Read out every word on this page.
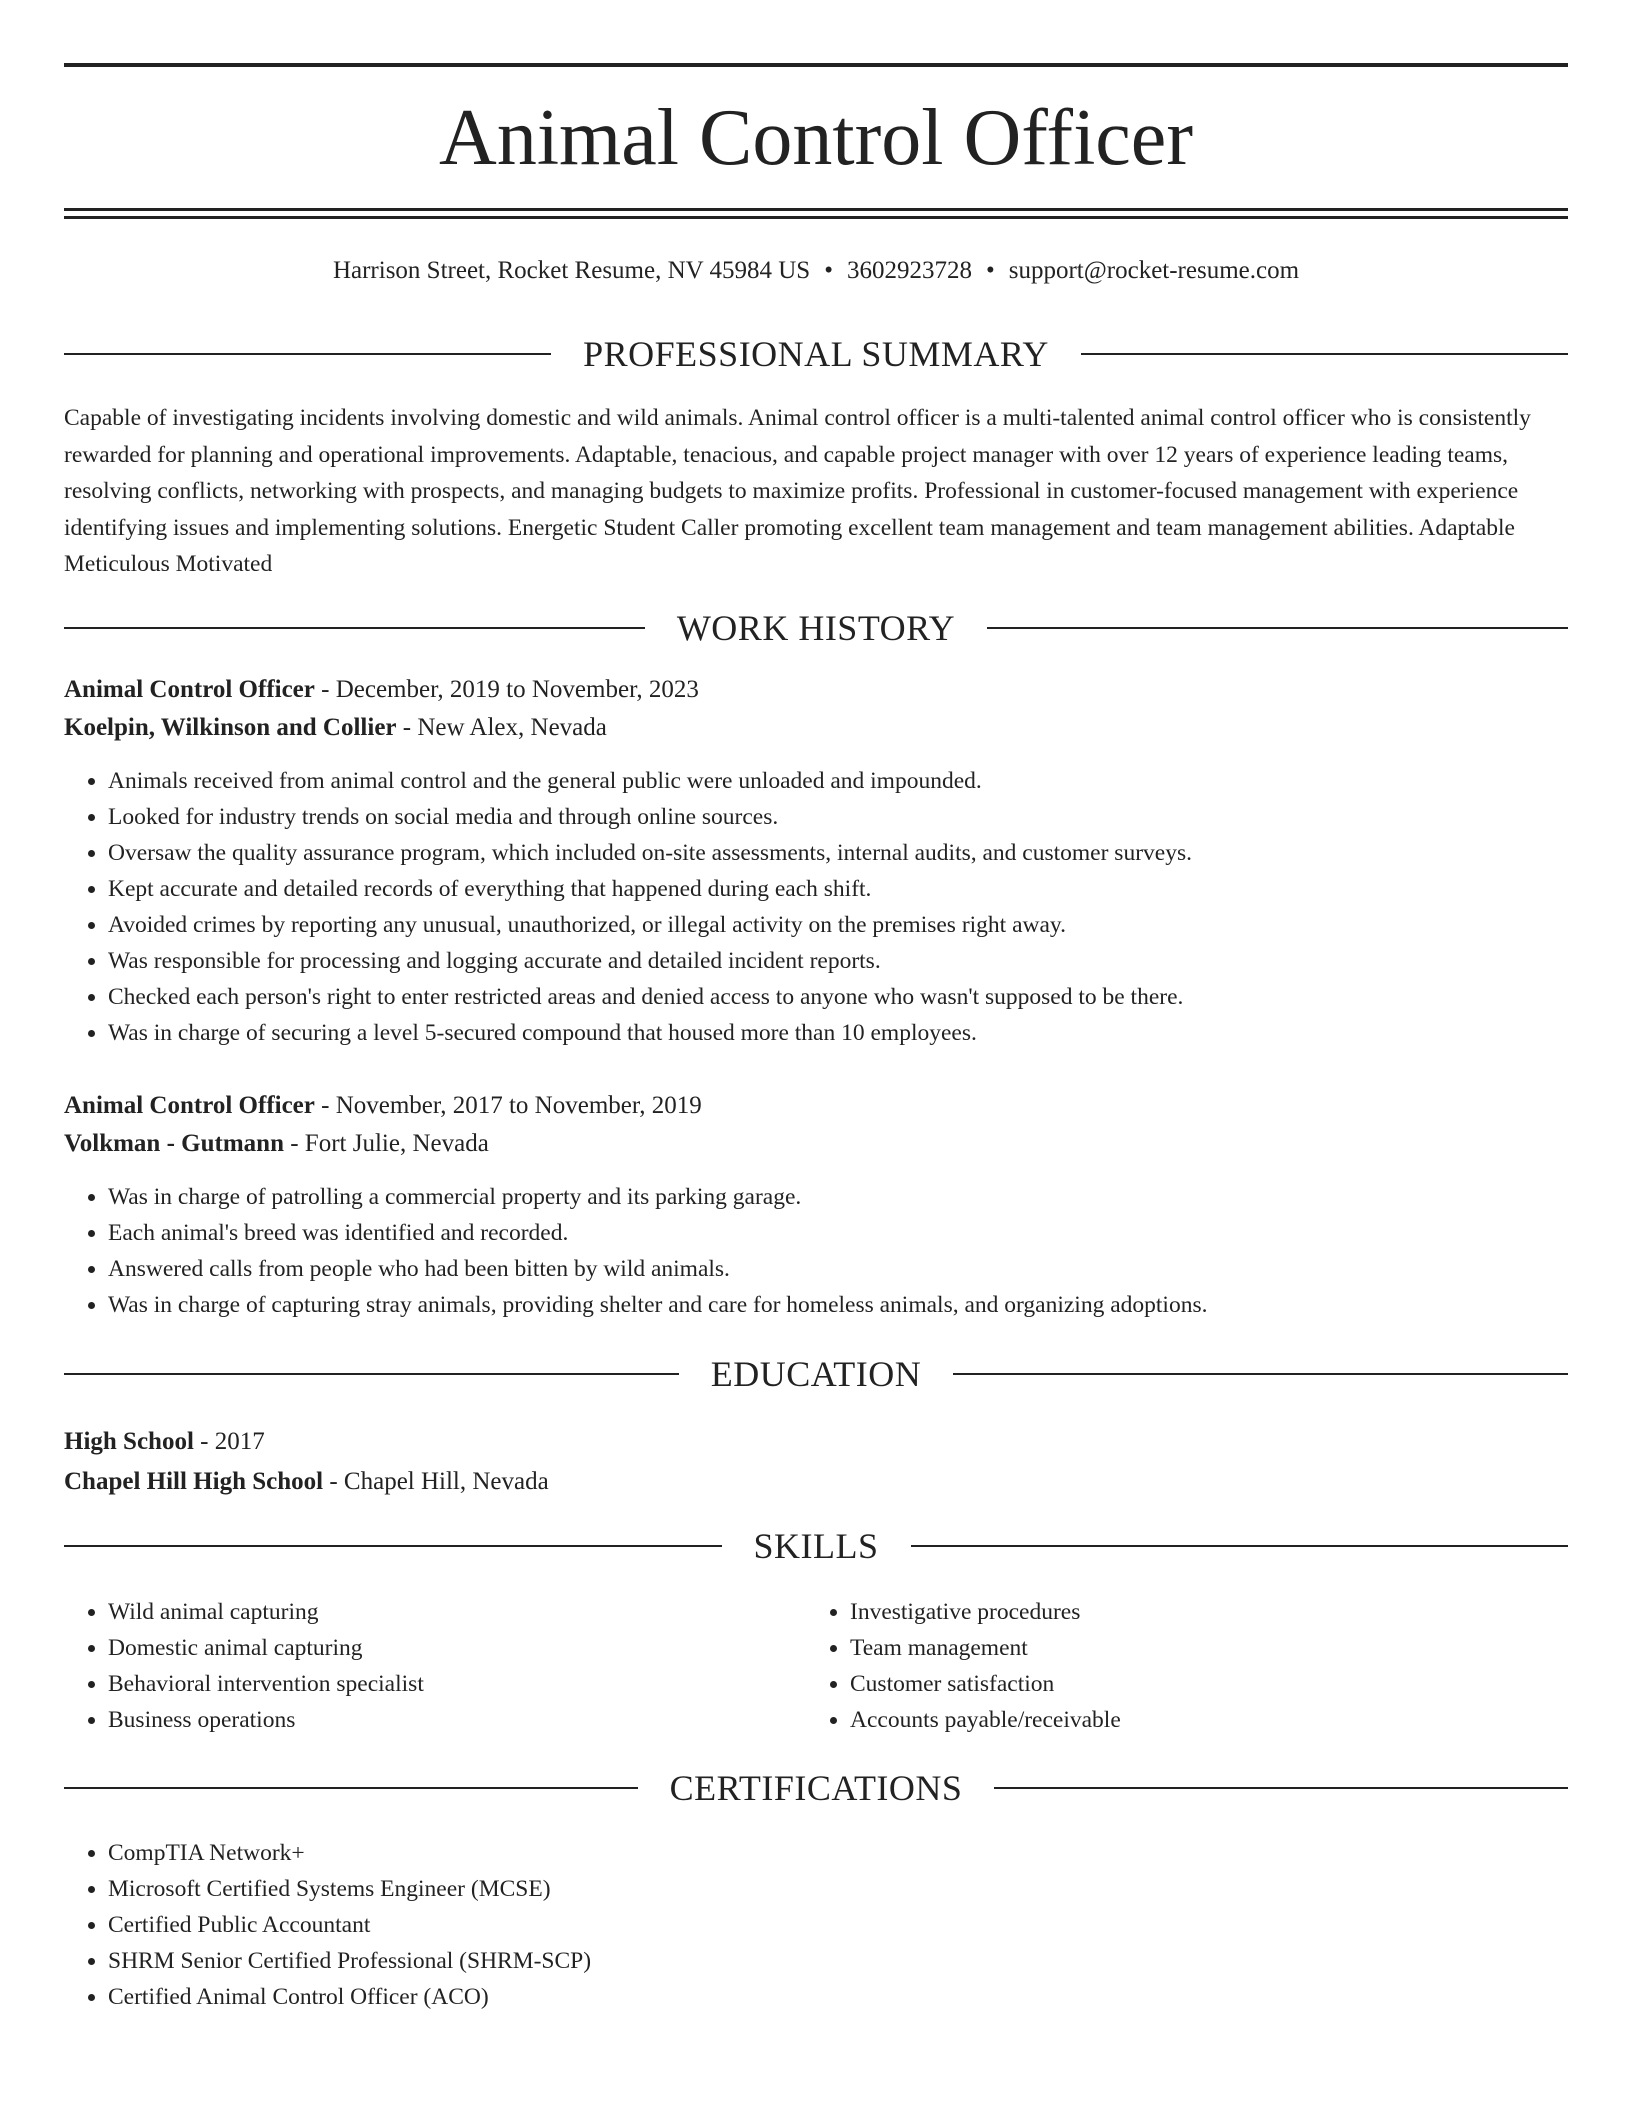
Animal Control Officer
Harrison Street, Rocket Resume, NV 45984 US • 3602923728 • support@rocket-resume.com
PROFESSIONAL SUMMARY

Capable of investigating incidents involving domestic and wild animals. Animal control officer is a multi-talented animal control officer who is consistently rewarded for planning and operational improvements. Adaptable, tenacious, and capable project manager with over 12 years of experience leading teams, resolving conflicts, networking with prospects, and managing budgets to maximize profits. Professional in customer-focused management with experience identifying issues and implementing solutions. Energetic Student Caller promoting excellent team management and team management abilities. Adaptable Meticulous Motivated

WORK HISTORY
Animal Control Officer - December, 2019 to November, 2023
Koelpin, Wilkinson and Collier - New Alex, Nevada
• Animals received from animal control and the general public were unloaded and impounded.
• Looked for industry trends on social media and through online sources.
• Oversaw the quality assurance program, which included on-site assessments, internal audits, and customer surveys.
• Kept accurate and detailed records of everything that happened during each shift.
• Avoided crimes by reporting any unusual, unauthorized, or illegal activity on the premises right away.
• Was responsible for processing and logging accurate and detailed incident reports.
• Checked each person's right to enter restricted areas and denied access to anyone who wasn't supposed to be there.
• Was in charge of securing a level 5-secured compound that housed more than 10 employees.
Animal Control Officer - November, 2017 to November, 2019
Volkman - Gutmann - Fort Julie, Nevada
• Was in charge of patrolling a commercial property and its parking garage.
• Each animal's breed was identified and recorded.
• Answered calls from people who had been bitten by wild animals.
• Was in charge of capturing stray animals, providing shelter and care for homeless animals, and organizing adoptions.
EDUCATION
High School - 2017
Chapel Hill High School - Chapel Hill, Nevada
SKILLS
• Wild animal capturing
• Domestic animal capturing
• Behavioral intervention specialist
• Business operations
• Investigative procedures
• Team management
• Customer satisfaction
• Accounts payable/receivable
CERTIFICATIONS
• CompTIA Network+
• Microsoft Certified Systems Engineer (MCSE)
• Certified Public Accountant
• SHRM Senior Certified Professional (SHRM-SCP)
• Certified Animal Control Officer (ACO)
